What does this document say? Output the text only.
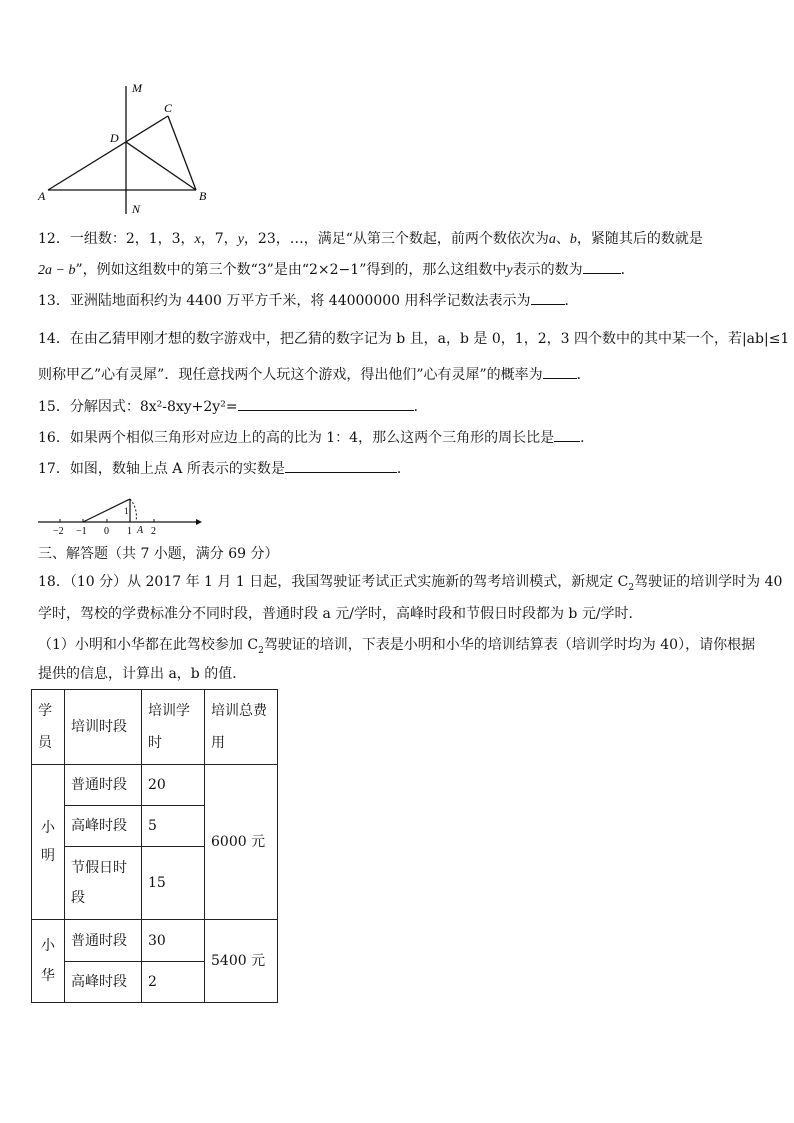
M
C
D
A	B
N
12．一组数：2，1，3，x，7，y，23，…，满足“从第三个数起，前两个数依次为a、b，紧随其后的数就是
2a − b”，例如这组数中的第三个数“3”是由“2×2−1”得到的，那么这组数中y表示的数为	．
13．亚洲陆地面积约为 4400 万平方千米，将 44000000 用科学记数法表示为 ．
14．在由乙猜甲刚才想的数字游戏中，把乙猜的数字记为 b 且，a，b 是 0，1，2，3 四个数中的其中某一个，若|ab|≤1
则称甲乙”心有灵犀”．现任意找两个人玩这个游戏，得出他们”心有灵犀”的概率为 ．
15．分解因式：8x²-8xy+2y²=	．
16．如果两个相似三角形对应边上的高的比为 1：4，那么这两个三角形的周长比是 ．
17．如图，数轴上点 A 所表示的实数是	．
1
−2 −1 0 1 A 2
三、解答题（共 7 小题，满分 69 分）
18．（10 分）从 2017 年 1 月 1 日起，我国驾驶证考试正式实施新的驾考培训模式，新规定 $C_2$驾驶证的培训学时为 40
学时，驾校的学费标准分不同时段，普通时段 a 元/学时，高峰时段和节假日时段都为 b 元/学时．
（1）小明和小华都在此驾校参加 $C_2$驾驶证的培训，下表是小明和小华的培训结算表（培训学时均为 40），请你根据
提供的信息，计算出 a，b 的值．
学员	培训时段	培训学时	培训总费用
小明	普通时段	20	6000 元
	高峰时段	5	
	节假日时段	15	
小华	普通时段	30	5400 元
	高峰时段	2	
